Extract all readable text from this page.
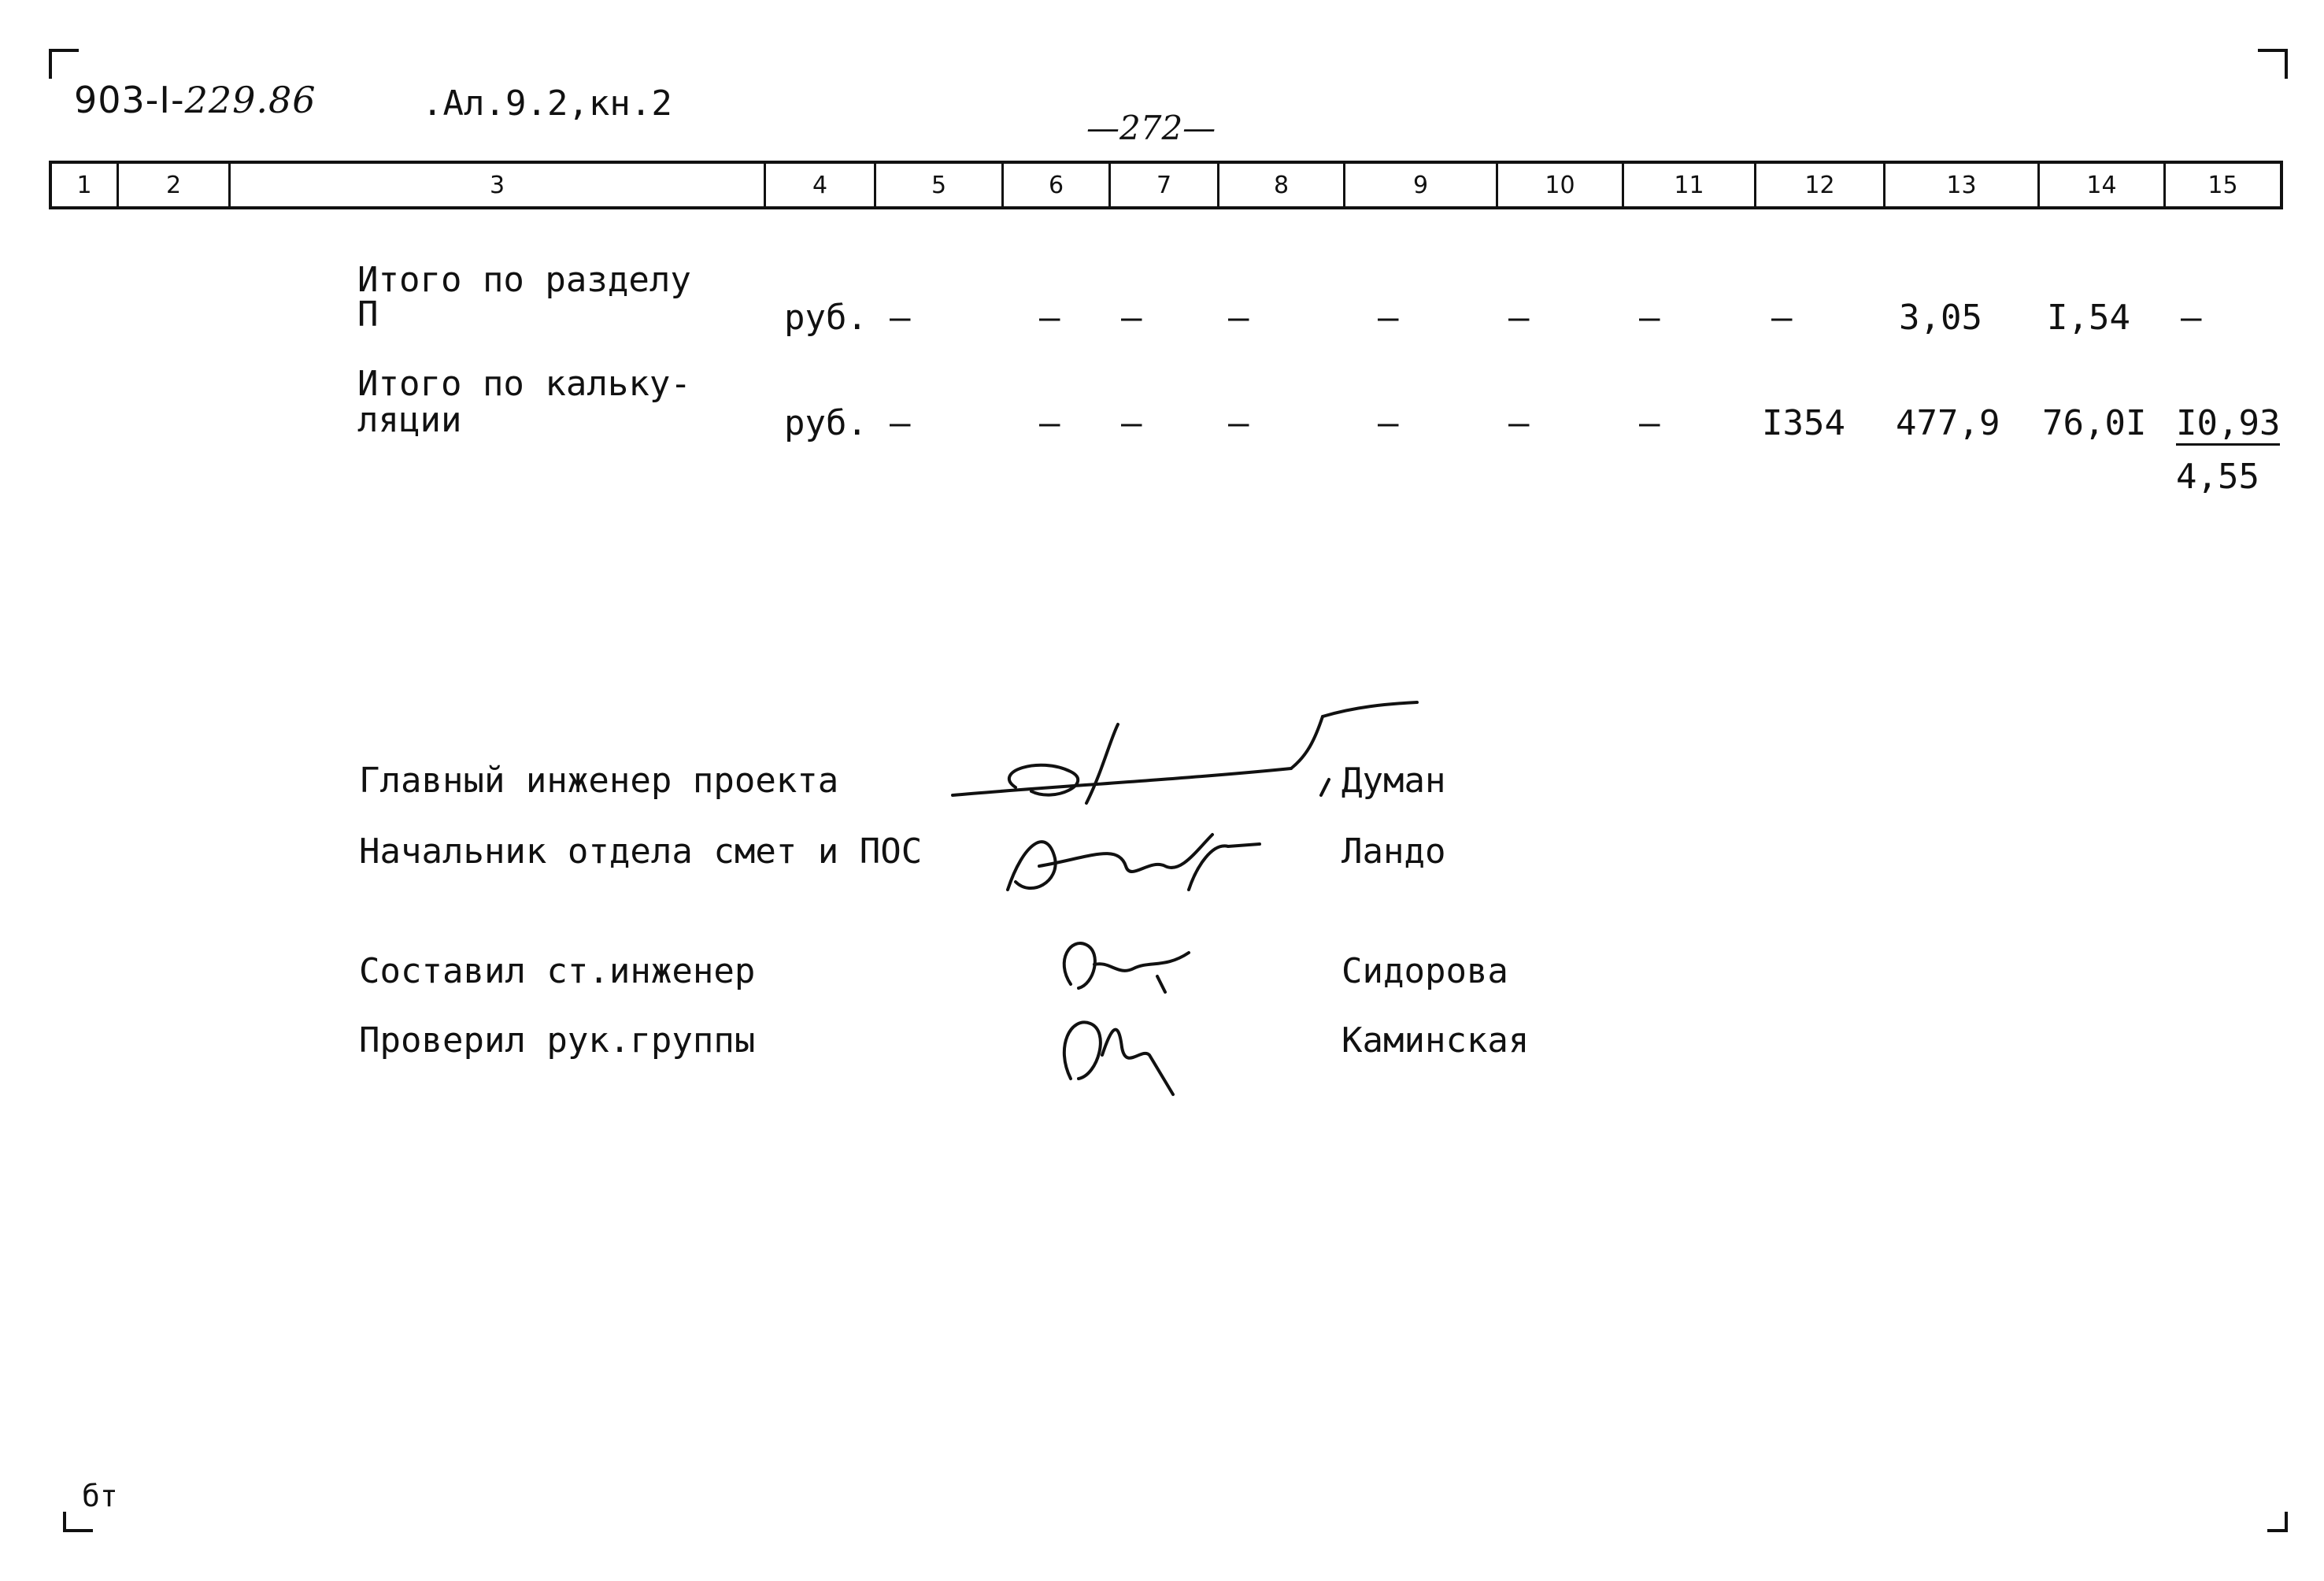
903-I-229.86	.Ал.9.2,кн.2
—272—
1	2	3	4	5	6	7	8	9	10	11	12	13	14	15
Итого по разделу
П	руб. –	– – –	–	–	–	–	3,05 I,54 –
Итого по кальку-
ляции	руб. –	– – –	–	–	–	I354 477,9 76,0I I0,93
4,55
Главный инженер проекта	Думан
Начальник отдела смет и ПОС	Ландо
Составил ст.инженер	Сидорова
Проверил рук.группы	Каминская
бт
